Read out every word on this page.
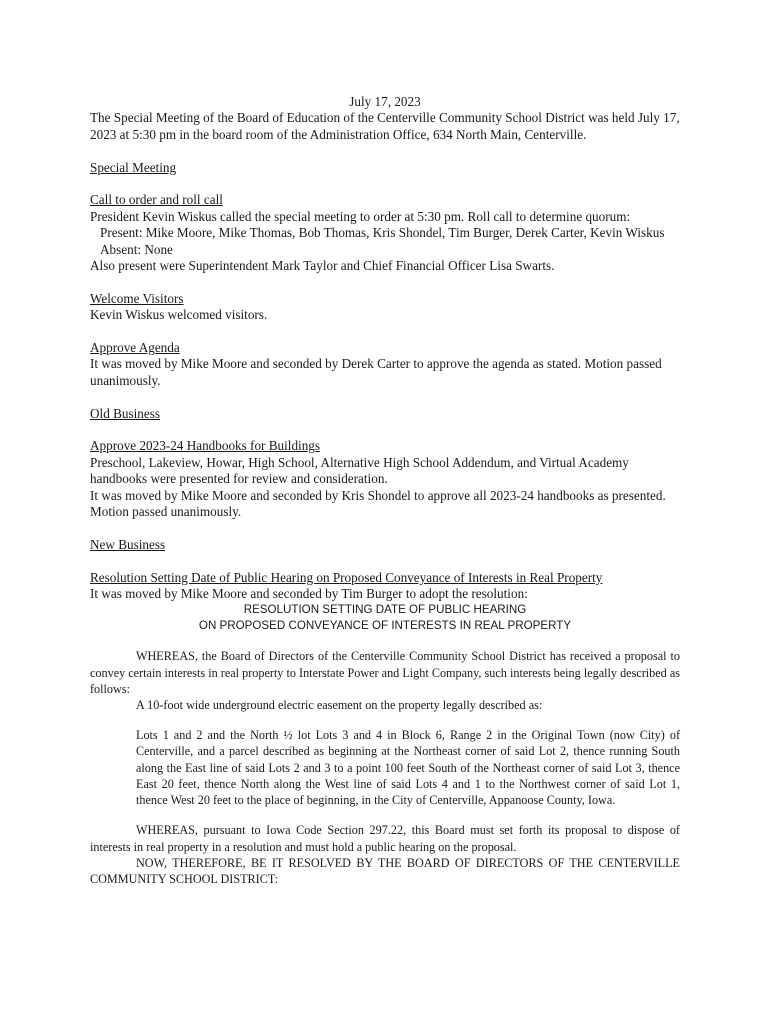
July 17, 2023

The Special Meeting of the Board of Education of the Centerville Community School District was held July 17, 2023 at 5:30 pm in the board room of the Administration Office, 634 North Main, Centerville.

Special Meeting

Call to order and roll call

President Kevin Wiskus called the special meeting to order at 5:30 pm. Roll call to determine quorum:

Present: Mike Moore, Mike Thomas, Bob Thomas, Kris Shondel, Tim Burger, Derek Carter, Kevin Wiskus

Absent: None

Also present were Superintendent Mark Taylor and Chief Financial Officer Lisa Swarts.

Welcome Visitors

Kevin Wiskus welcomed visitors.

Approve Agenda

It was moved by Mike Moore and seconded by Derek Carter to approve the agenda as stated. Motion passed unanimously.

Old Business

Approve 2023-24 Handbooks for Buildings

Preschool, Lakeview, Howar, High School, Alternative High School Addendum, and Virtual Academy handbooks were presented for review and consideration.

It was moved by Mike Moore and seconded by Kris Shondel to approve all 2023-24 handbooks as presented. Motion passed unanimously.

New Business

Resolution Setting Date of Public Hearing on Proposed Conveyance of Interests in Real Property

It was moved by Mike Moore and seconded by Tim Burger to adopt the resolution:

RESOLUTION SETTING DATE OF PUBLIC HEARING

ON PROPOSED CONVEYANCE OF INTERESTS IN REAL PROPERTY

WHEREAS, the Board of Directors of the Centerville Community School District has received a proposal to convey certain interests in real property to Interstate Power and Light Company, such interests being legally described as follows:

A 10-foot wide underground electric easement on the property legally described as:

Lots 1 and 2 and the North ½ lot Lots 3 and 4 in Block 6, Range 2 in the Original Town (now City) of Centerville, and a parcel described as beginning at the Northeast corner of said Lot 2, thence running South along the East line of said Lots 2 and 3 to a point 100 feet South of the Northeast corner of said Lot 3, thence East 20 feet, thence North along the West line of said Lots 4 and 1 to the Northwest corner of said Lot 1, thence West 20 feet to the place of beginning, in the City of Centerville, Appanoose County, Iowa.

WHEREAS, pursuant to Iowa Code Section 297.22, this Board must set forth its proposal to dispose of interests in real property in a resolution and must hold a public hearing on the proposal.

NOW, THEREFORE, BE IT RESOLVED BY THE BOARD OF DIRECTORS OF THE CENTERVILLE COMMUNITY SCHOOL DISTRICT:
